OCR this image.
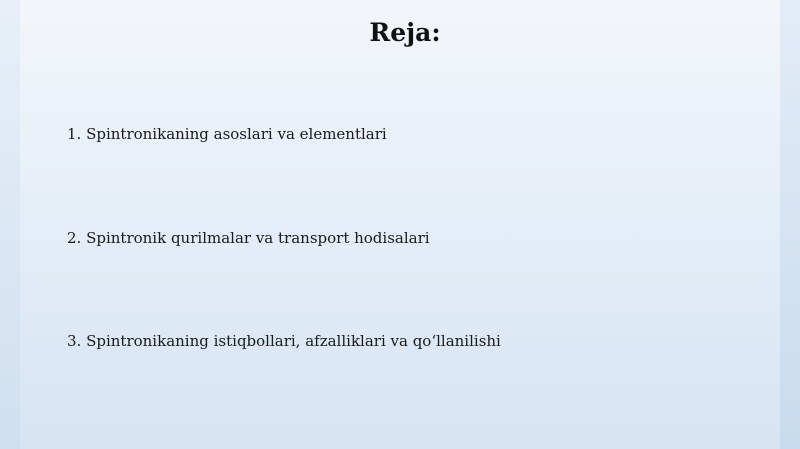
Reja:

1. Spintronikaning asoslari va elementlari

2. Spintronik qurilmalar va transport hodisalari

3. Spintronikaning istiqbollari, afzalliklari va qo‘llanilishi
